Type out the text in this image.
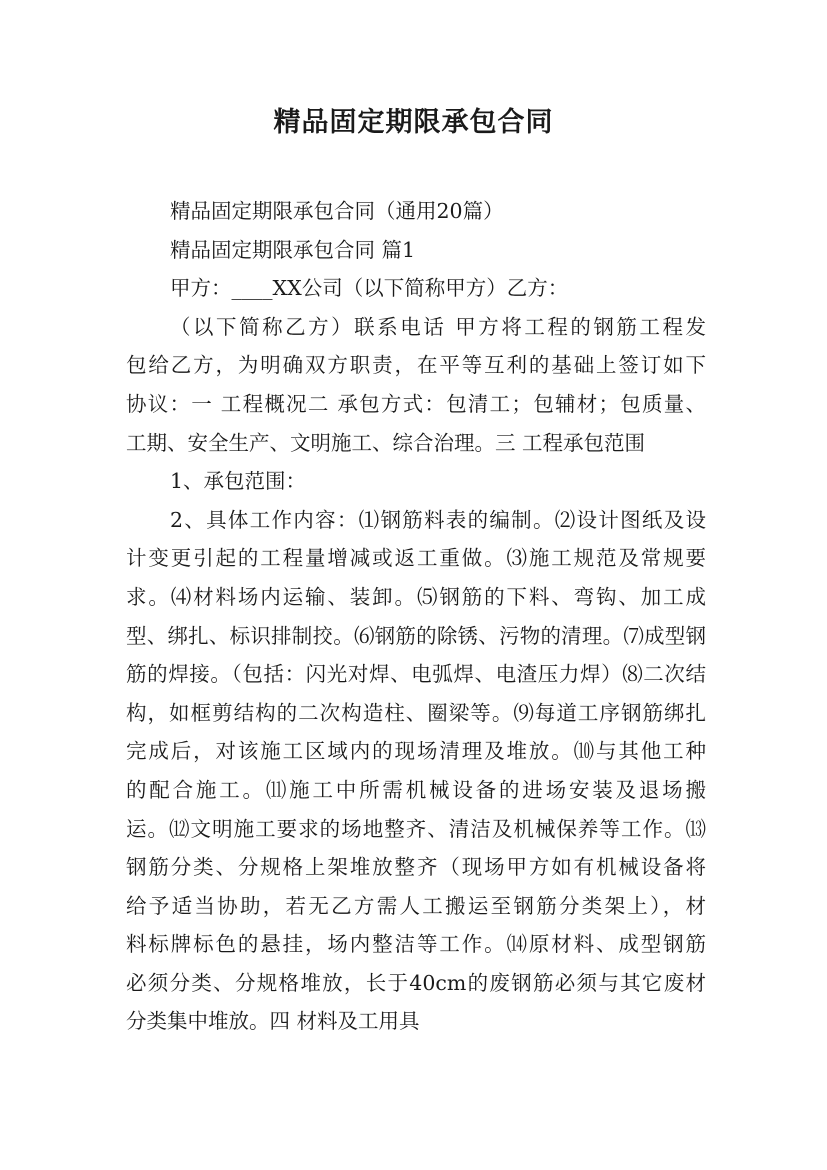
精品固定期限承包合同
精品固定期限承包合同（通用20篇）
精品固定期限承包合同 篇1
甲方：____XX公司（以下简称甲方）乙方：
（以下简称乙方）联系电话 甲方将工程的钢筋工程发
包给乙方，为明确双方职责，在平等互利的基础上签订如下
协议：一 工程概况二 承包方式：包清工；包辅材；包质量、
工期、安全生产、文明施工、综合治理。三 工程承包范围
1、承包范围：
2、具体工作内容：⑴钢筋料表的编制。⑵设计图纸及设
计变更引起的工程量增减或返工重做。⑶施工规范及常规要
求。⑷材料场内运输、装卸。⑸钢筋的下料、弯钩、加工成
型、绑扎、标识排制挍。⑹钢筋的除锈、污物的清理。⑺成型钢
筋的焊接。（包括：闪光对焊、电弧焊、电渣压力焊）⑻二次结
构，如框剪结构的二次构造柱、圈梁等。⑼每道工序钢筋绑扎
完成后，对该施工区域内的现场清理及堆放。⑽与其他工种
的配合施工。⑾施工中所需机械设备的进场安装及退场搬
运。⑿文明施工要求的场地整齐、清洁及机械保养等工作。⒀
钢筋分类、分规格上架堆放整齐（现场甲方如有机械设备将
给予适当协助，若无乙方需人工搬运至钢筋分类架上），材
料标牌标色的悬挂，场内整洁等工作。⒁原材料、成型钢筋
必须分类、分规格堆放，长于40cm的废钢筋必须与其它废材
分类集中堆放。四 材料及工用具
